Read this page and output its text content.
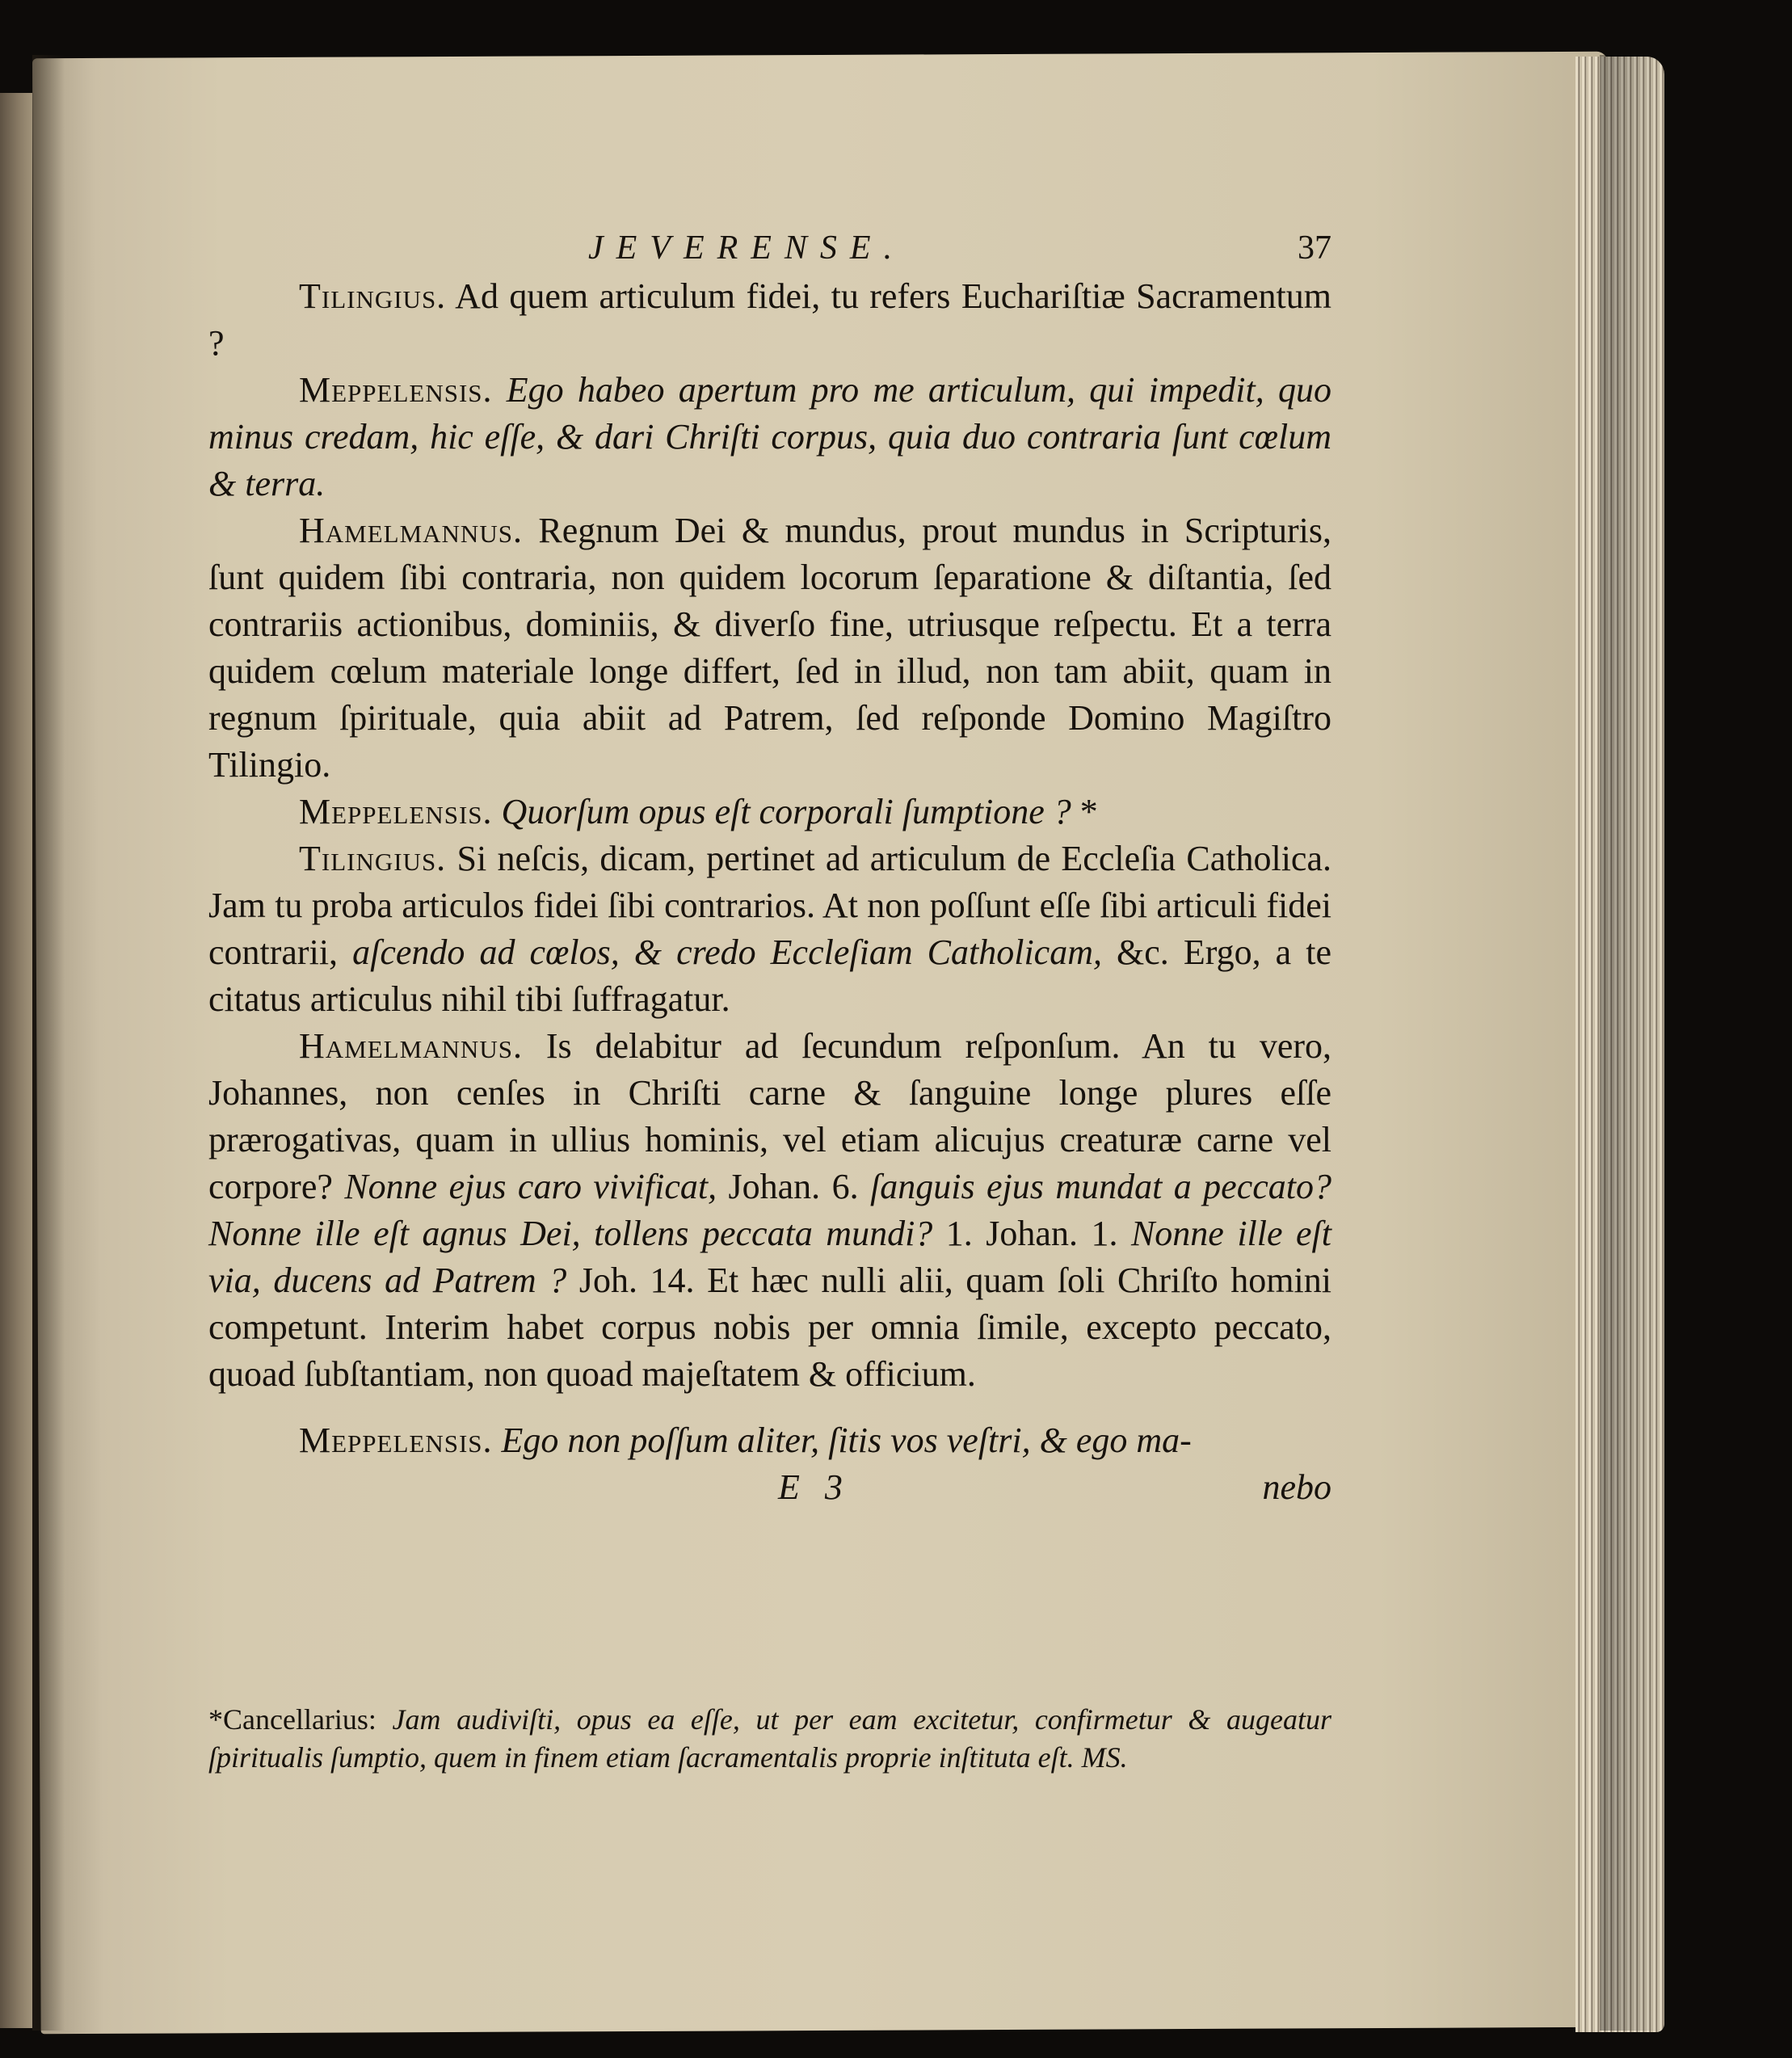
JEVERENSE.	37

Tilingius. Ad quem articulum fidei, tu refers Euchariſtiæ Sacramentum ?

Meppelensis. Ego habeo apertum pro me articulum, qui impedit, quo minus credam, hic eſſe, & dari Chriſti corpus, quia duo contraria ſunt cœlum & terra.

Hamelmannus. Regnum Dei & mundus, prout mundus in Scripturis, ſunt quidem ſibi contraria, non quidem locorum ſeparatione & diſtantia, ſed contrariis actionibus, dominiis, & diverſo fine, utriusque reſpectu. Et a terra quidem cœlum materiale longe differt, ſed in illud, non tam abiit, quam in regnum ſpirituale, quia abiit ad Patrem, ſed reſponde Domino Magiſtro Tilingio.

Meppelensis. Quorſum opus eſt corporali ſumptione ? *

Tilingius. Si neſcis, dicam, pertinet ad articulum de Eccleſia Catholica. Jam tu proba articulos fidei ſibi contrarios. At non poſſunt eſſe ſibi articuli fidei contrarii, aſcendo ad cœlos, & credo Eccleſiam Catholicam, &c. Ergo, a te citatus articulus nihil tibi ſuffragatur.

Hamelmannus. Is delabitur ad ſecundum reſponſum. An tu vero, Johannes, non cenſes in Chriſti carne & ſanguine longe plures eſſe prærogativas, quam in ullius hominis, vel etiam alicujus creaturæ carne vel corpore? Nonne ejus caro vivificat, Johan. 6. ſanguis ejus mundat a peccato? Nonne ille eſt agnus Dei, tollens peccata mundi? 1. Johan. 1. Nonne ille eſt via, ducens ad Patrem ? Joh. 14. Et hæc nulli alii, quam ſoli Chriſto homini competunt. Interim habet corpus nobis per omnia ſimile, excepto peccato, quoad ſubſtantiam, non quoad majeſtatem & officium.

Meppelensis. Ego non poſſum aliter, ſitis vos veſtri, & ego ma-

E 3	nebo

*Cancellarius: Jam audiviſti, opus ea eſſe, ut per eam excitetur, confirmetur & augeatur ſpiritualis ſumptio, quem in finem etiam ſacramentalis proprie inſtituta eſt. MS.
